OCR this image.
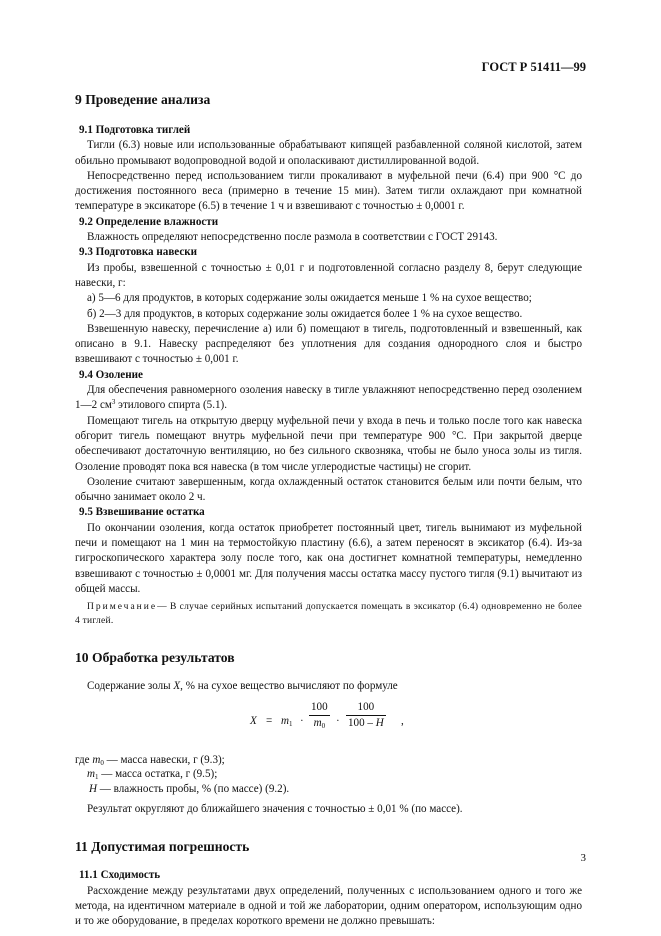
ГОСТ Р 51411—99
9 Проведение анализа
9.1 Подготовка тиглей

Тигли (6.3) новые или использованные обрабатывают кипящей разбавленной соляной кислотой, затем обильно промывают водопроводной водой и ополаскивают дистиллированной водой.

Непосредственно перед использованием тигли прокаливают в муфельной печи (6.4) при 900 °С до достижения постоянного веса (примерно в течение 15 мин). Затем тигли охлаждают при комнатной температуре в эксикаторе (6.5) в течение 1 ч и взвешивают с точностью ± 0,0001 г.

9.2 Определение влажности

Влажность определяют непосредственно после размола в соответствии с ГОСТ 29143.

9.3 Подготовка навески

Из пробы, взвешенной с точностью ± 0,01 г и подготовленной согласно разделу 8, берут следующие навески, г:

а) 5—6 для продуктов, в которых содержание золы ожидается меньше 1 % на сухое вещество;

б) 2—3 для продуктов, в которых содержание золы ожидается более 1 % на сухое вещество.

Взвешенную навеску, перечисление а) или б) помещают в тигель, подготовленный и взвешенный, как описано в 9.1. Навеску распределяют без уплотнения для создания однородного слоя и быстро взвешивают с точностью ± 0,001 г.

9.4 Озоление

Для обеспечения равномерного озоления навеску в тигле увлажняют непосредственно перед озолением 1—2 $см^3$ этилового спирта (5.1).

Помещают тигель на открытую дверцу муфельной печи у входа в печь и только после того как навеска обгорит тигель помещают внутрь муфельной печи при температуре 900 °С. При закрытой дверце обеспечивают достаточную вентиляцию, но без сильного сквозняка, чтобы не было уноса золы из тигля. Озоление проводят пока вся навеска (в том числе углеродистые частицы) не сгорит.

Озоление считают завершенным, когда охлажденный остаток становится белым или почти белым, что обычно занимает около 2 ч.

9.5 Взвешивание остатка

По окончании озоления, когда остаток приобретет постоянный цвет, тигель вынимают из муфельной печи и помещают на 1 мин на термостойкую пластину (6.6), а затем переносят в эксикатор (6.4). Из-за гигроскопического характера золу после того, как она достигнет комнатной температуры, немедленно взвешивают с точностью ± 0,0001 мг. Для получения массы остатка массу пустого тигля (9.1) вычитают из общей массы.

Примечание— В случае серийных испытаний допускается помещать в эксикатор (6.4) одновременно не более 4 тиглей.

10 Обработка результатов

Содержание золы X, % на сухое вещество вычисляют по формуле

$X = m_1 \cdot \frac{100}{m_0} \cdot \frac{100}{100 - H}$ ,
где $m_0$ — масса навески, г (9.3);
$m_1$ — масса остатка, г (9.5);
H — влажность пробы, % (по массе) (9.2).

Результат округляют до ближайшего значения с точностью ± 0,01 % (по массе).

11 Допустимая погрешность
11.1 Сходимость

Расхождение между результатами двух определений, полученных с использованием одного и того же метода, на идентичном материале в одной и той же лаборатории, одним оператором, использующим одно и то же оборудование, в пределах короткого времени не должно превышать:

3
